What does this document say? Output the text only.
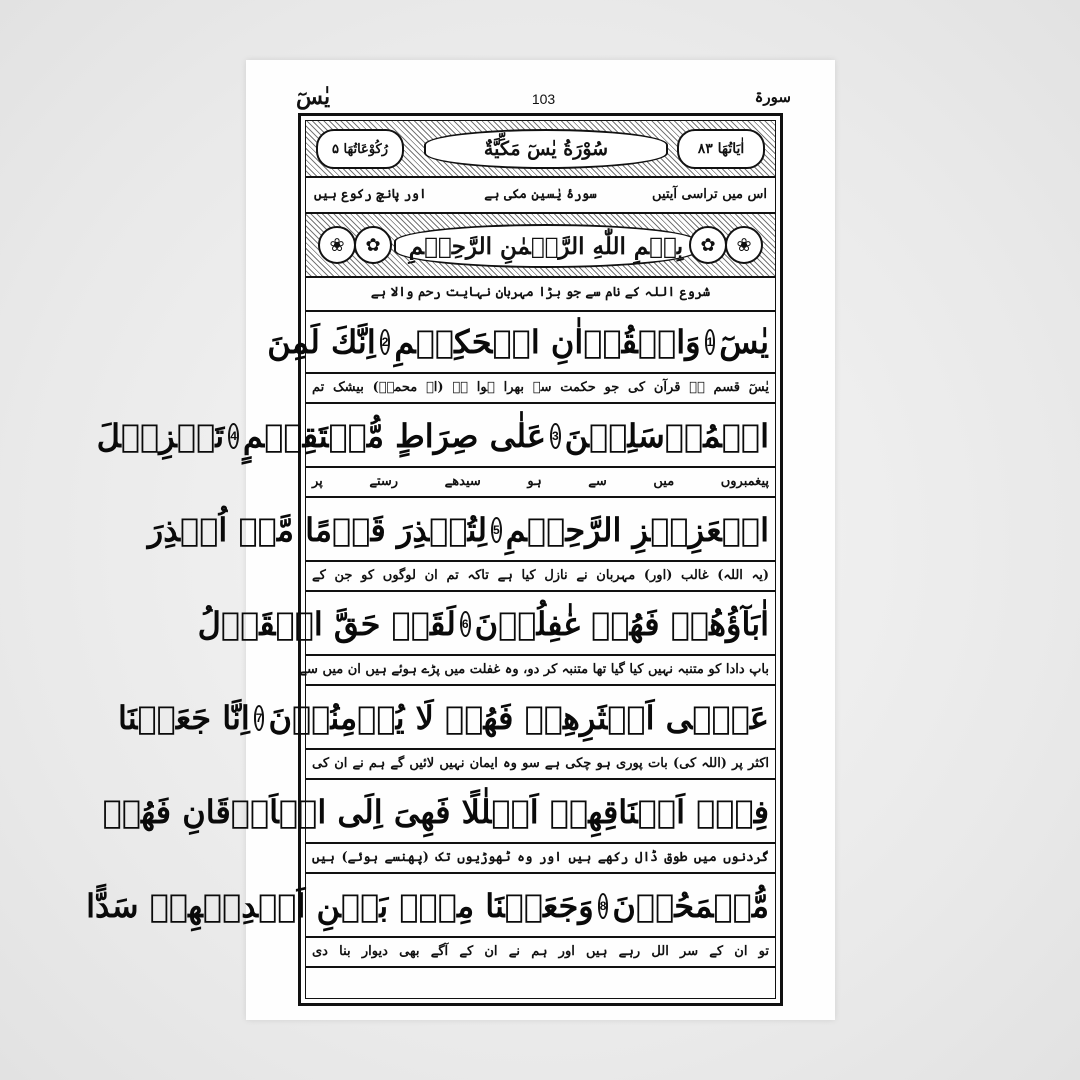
سورۃ
103
یٰسٓ
اٰیَاتُهَا ۸۳
سُوْرَةُ یٰسٓ مَكِّيَّةٌ
رُكُوْعَاتُهَا ۵
اس میں تراسی آیتیں
سورۂ یٰسین مکی ہے
اور پانچ رکوع ہیں
❀	✿	بِسۡمِ اللّٰهِ الرَّحۡمٰنِ الرَّحِیۡمِ ✿	❀
شروع اللہ کے نام سے جو بڑا مہربان نہایت رحم والا ہے
یٰسٓ
1
وَالۡقُرۡاٰنِ الۡحَكِیۡمِ
2
اِنَّكَ لَمِنَ
یٰسٓ قسم ہے قرآن کی جو حکمت سے بھرا ہوا ہے (اے محمدؐ) بیشک تم
الۡمُرۡسَلِیۡنَ
3
عَلٰی صِرَاطٍ مُّسۡتَقِیۡمٍ
4
تَنۡزِیۡلَ
پیغمبروں میں سے ہو سیدھے رستے پر
الۡعَزِیۡزِ الرَّحِیۡمِ
5
لِتُنۡذِرَ قَوۡمًا مَّاۤ اُنۡذِرَ
(یہ اللہ) غالب (اور) مہربان نے نازل کیا ہے تاکہ تم ان لوگوں کو جن کے
اٰبَآؤُهُمۡ فَهُمۡ غٰفِلُوۡنَ
6
لَقَدۡ حَقَّ الۡقَوۡلُ
باپ دادا کو متنبہ نہیں کیا گیا تھا متنبہ کر دو، وہ غفلت میں پڑے ہوئے ہیں ان میں سے
عَلٰۤی اَكۡثَرِهِمۡ فَهُمۡ لَا یُؤۡمِنُوۡنَ
7
اِنَّا جَعَلۡنَا
اکثر پر (اللہ کی) بات پوری ہو چکی ہے سو وہ ایمان نہیں لائیں گے ہم نے ان کی
فِیۡۤ اَعۡنَاقِهِمۡ اَغۡلٰلًا فَهِیَ اِلَی الۡاَذۡقَانِ فَهُمۡ
گردنوں میں طوق ڈال رکھے ہیں اور وہ ٹھوڑیوں تک (پھنسے ہوئے) ہیں
مُّقۡمَحُوۡنَ
8
وَجَعَلۡنَا مِنۡۢ بَیۡنِ اَیۡدِیۡهِمۡ سَدًّا
تو ان کے سر الل رہے ہیں اور ہم نے ان کے آگے بھی دیوار بنا دی
